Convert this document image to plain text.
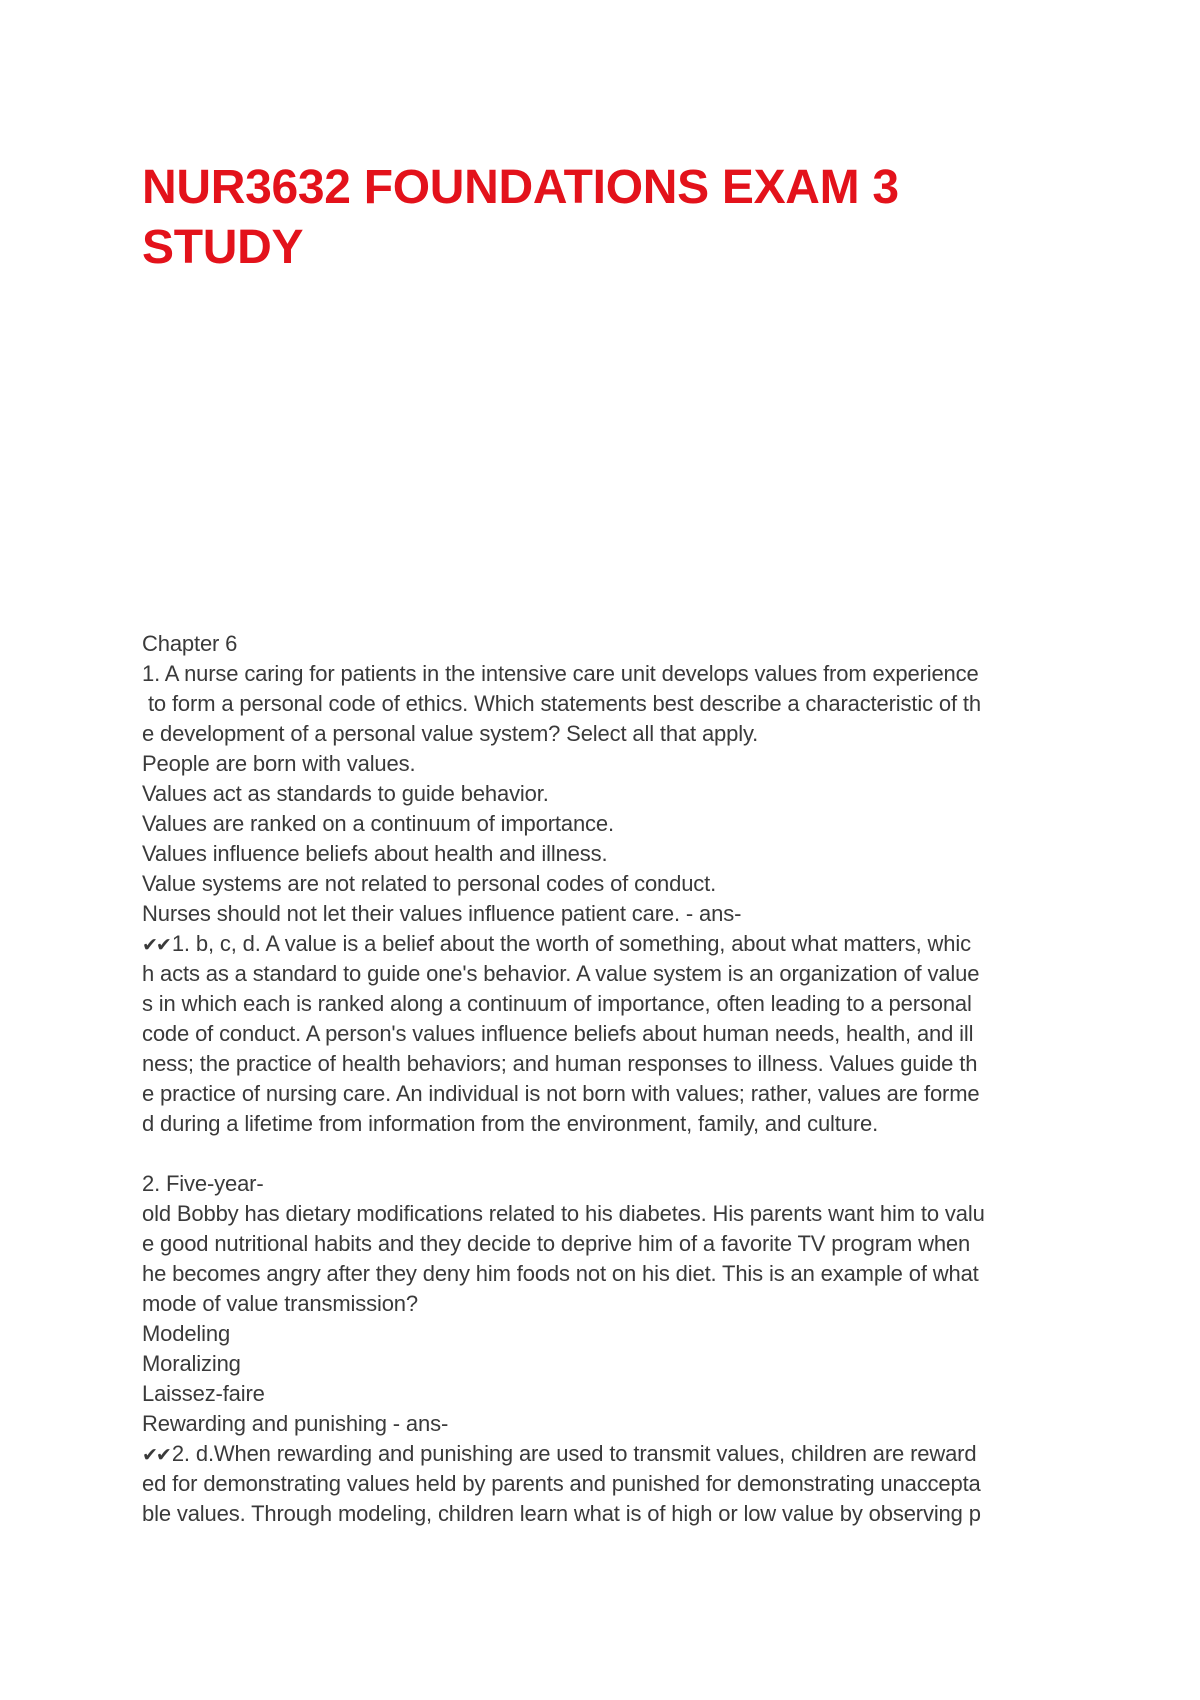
NUR3632 FOUNDATIONS EXAM 3
STUDY
Chapter 6
1. A nurse caring for patients in the intensive care unit develops values from experience
to form a personal code of ethics. Which statements best describe a characteristic of th
e development of a personal value system? Select all that apply.
People are born with values.
Values act as standards to guide behavior.
Values are ranked on a continuum of importance.
Values influence beliefs about health and illness.
Value systems are not related to personal codes of conduct.
Nurses should not let their values influence patient care. - ans-
✔✔1. b, c, d. A value is a belief about the worth of something, about what matters, whic
h acts as a standard to guide one's behavior. A value system is an organization of value
s in which each is ranked along a continuum of importance, often leading to a personal
code of conduct. A person's values influence beliefs about human needs, health, and ill
ness; the practice of health behaviors; and human responses to illness. Values guide th
e practice of nursing care. An individual is not born with values; rather, values are forme
d during a lifetime from information from the environment, family, and culture.
2. Five-year-
old Bobby has dietary modifications related to his diabetes. His parents want him to valu
e good nutritional habits and they decide to deprive him of a favorite TV program when
he becomes angry after they deny him foods not on his diet. This is an example of what
mode of value transmission?
Modeling
Moralizing
Laissez-faire
Rewarding and punishing - ans-
✔✔2. d.When rewarding and punishing are used to transmit values, children are reward
ed for demonstrating values held by parents and punished for demonstrating unaccepta
ble values. Through modeling, children learn what is of high or low value by observing p
